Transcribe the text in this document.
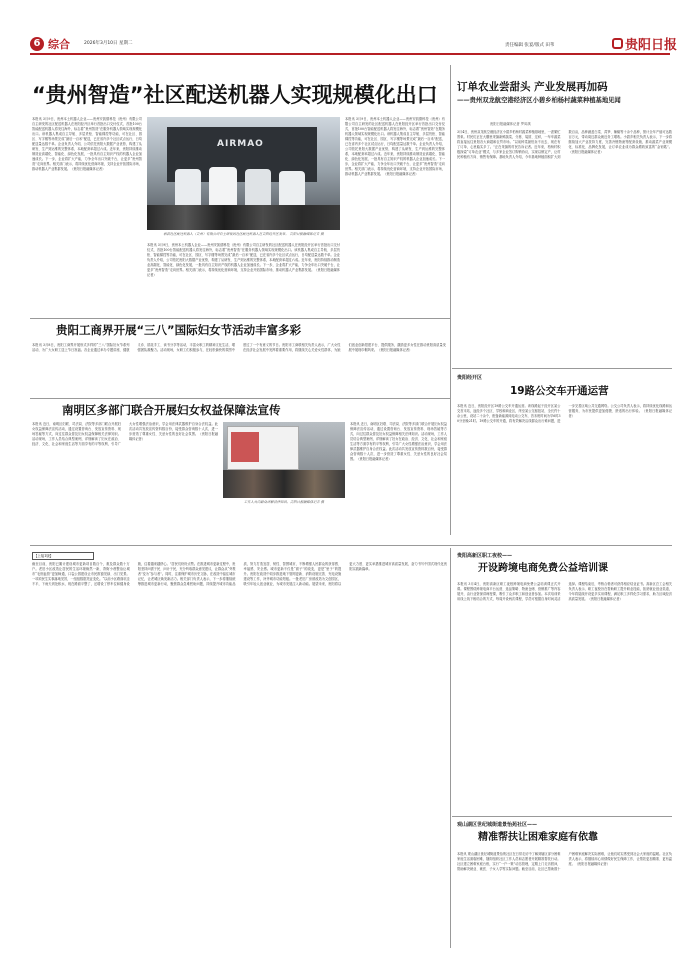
6 综合	2026年3月10日 星期二	责任编辑 张宴/版式 田苇	贵阳日报
“贵州智造”社区配送机器人实现规模化出口
本报讯 3月9日，贵州本土机器人企业——贵州安凯德科技（贵州）有限公司自主研发的社区配送机器人在贵阳经开区举行首批出口交付仪式，首批100台智能配送机器人将发往海外，标志着“贵州智造”在服务机器人领域实现规模化出口。该机器人集成自主导航、多层货柜、智能梯控等功能，可在社区、园区、写字楼等场景完成“最后一百米”配送，已在省内多个社区试点运行，日均配送量达数千单。企业负责人介绍，公司依托贵阳大数据产业优势，构建了从研发、生产到运维的完整体系，本地配套率超过六成。近年来，贵阳持续推动制造业高端化、智能化、绿色化发展，一批具有自主知识产权的机器人企业加速成长。下一步，企业将扩大产能，力争全年出口突破千台，让更多“贵州智造”走向世界。相关部门表示，将持续优化营商环境，支持企业开拓国际市场，推动机器人产业集群发展。（贵阳日报融媒体记者）
AIRMAO
新款社区配送机器人（贵州）有限公司自主研发的社区配送机器人在贵阳经开区发布。 贵阳日报融媒体记者 摄
本报讯 3月9日，贵州本土机器人企业——贵州安凯德科技（贵州）有限公司自主研发的社区配送机器人在贵阳经开区举行首批出口交付仪式，首批100台智能配送机器人将发往海外，标志着“贵州智造”在服务机器人领域实现规模化出口。该机器人集成自主导航、多层货柜、智能梯控等功能，可在社区、园区、写字楼等场景完成“最后一百米”配送，已在省内多个社区试点运行，日均配送量达数千单。企业负责人介绍，公司依托贵阳大数据产业优势，构建了从研发、生产到运维的完整体系，本地配套率超过六成。近年来，贵阳持续推动制造业高端化、智能化、绿色化发展，一批具有自主知识产权的机器人企业加速成长。下一步，企业将扩大产能，力争全年出口突破千台，让更多“贵州智造”走向世界。相关部门表示，将持续优化营商环境，支持企业开拓国际市场，推动机器人产业集群发展。（贵阳日报融媒体记者）
本报讯 3月9日，贵州本土机器人企业——贵州安凯德科技（贵州）有限公司自主研发的社区配送机器人在贵阳经开区举行首批出口交付仪式，首批100台智能配送机器人将发往海外，标志着“贵州智造”在服务机器人领域实现规模化出口。该机器人集成自主导航、多层货柜、智能梯控等功能，可在社区、园区、写字楼等场景完成“最后一百米”配送，已在省内多个社区试点运行，日均配送量达数千单。企业负责人介绍，公司依托贵阳大数据产业优势，构建了从研发、生产到运维的完整体系，本地配套率超过六成。近年来，贵阳持续推动制造业高端化、智能化、绿色化发展，一批具有自主知识产权的机器人企业加速成长。下一步，企业将扩大产能，力争全年出口突破千台，让更多“贵州智造”走向世界。相关部门表示，将持续优化营商环境，支持企业开拓国际市场，推动机器人产业集群发展。（贵阳日报融媒体记者）
订单农业尝甜头 产业发展再加码
——贵州双龙航空港经济区小碧乡柏杨村蔬菜种植基地见闻
贵阳日报融媒体记者 罗凤琪
3月4日，贵州双龙航空港经济区小碧乡柏杨村蔬菜种植基地里，一派繁忙景象。村民们正在大棚里采摘新鲜蔬菜，分拣、装筐、过秤，一车车蔬菜将直接运往贵阳各大商超和农贸市场。“以前种菜最怕卖不出去，现在有了订单，心里踏实多了。”正在采摘的村民告诉记者。近年来，柏杨村积极探索“订单农业”模式，与多家企业签订购销协议，实现以销定产，让村民种植有方向、销售有保障。基地负责人介绍，今年基地种植面积扩大到数百亩，品种涵盖白菜、莴笋、辣椒等十余个品种，预计全年产值可达数百万元，带动周边群众就近务工增收。小碧乡相关负责人表示，下一步将继续加大产业扶持力度，完善冷链物流等配套设施，推动蔬菜产业规模化、标准化、品牌化发展，让订单农业成为群众增收致富的“金钥匙”。（贵阳日报融媒体记者）
贵阳工商界开展“三八”国际妇女节活动丰富多彩
本报讯 3月8日，贵阳工商界开展形式多样的“三八”国际妇女节系列活动，为广大女职工送上节日祝福。各企业通过举办专题讲座、健康义诊、插花手工、读书分享等活动，丰富女职工的精神文化生活，增强团队凝聚力。活动现场，女职工们积极参与，在轻松愉快的氛围中度过了一个有意义的节日。贵阳市工商联相关负责人表示，广大女性在经济社会发展中发挥着重要作用，将继续关心关爱女性群体，为她们创业创新搭建平台、提供服务，激励更多女性在推动贵阳高质量发展中展现巾帼风采。（贵阳日报融媒体记者）
南明区多部门联合开展妇女权益保障法宣传
本报讯 近日，南明区妇联、司法局、法院等多部门联合开展妇女权益保障法宣传活动，通过设置咨询台、发放宣传资料、现场答疑等方式，向过往群众普及妇女权益保障相关法律知识。活动现场，工作人员结合典型案例，详细解读了妇女在政治、经济、文化、社会和家庭生活等方面享有的平等权利，引导广大女性增强法治意识，学会用法律武器维护自身合法权益。此次活动共发放宣传资料数百份，接受群众咨询数十人次，进一步营造了尊重女性、关爱女性的良好社会氛围。（贵阳日报融媒体记者）
工作人员向群众讲解法律知识。贵阳日报融媒体记者 摄
本报讯 近日，南明区妇联、司法局、法院等多部门联合开展妇女权益保障法宣传活动，通过设置咨询台、发放宣传资料、现场答疑等方式，向过往群众普及妇女权益保障相关法律知识。活动现场，工作人员结合典型案例，详细解读了妇女在政治、经济、文化、社会和家庭生活等方面享有的平等权利，引导广大女性增强法治意识，学会用法律武器维护自身合法权益。此次活动共发放宣传资料数百份，接受群众咨询数十人次，进一步营造了尊重女性、关爱女性的良好社会氛围。（贵阳日报融媒体记者）
贵阳经开区
19路公交车开通运营
本报讯 近日，贵阳经开区19路公交车开通运营。该线路起于经开区某公交首末站，途经多个社区、学校和商业区，终至某公交枢纽站，全长约十余公里，设站二十余个，配备新能源纯电动公交车，首末班时间为早6时30分至晚21时。19路公交车的开通，将有效解决沿线群众出行难问题，进一步完善区域公共交通网络。公交公司负责人表示，将持续优化线路和运营服务，为市民提供更加便捷、舒适的出行体验。（贵阳日报融媒体记者）
【上接1版】
截至目前，贵阳已累计建设城市更新项目数百个，惠及群众数十万户。老旧小区改造让居民的生活环境焕然一新，背街小巷整治让城市“毛细血管”更加畅通，口袋公园建设让市民推窗见绿、出门见景。一项项民生实事落地见效，一组组数据见证变化。“以前小区路面坑洼不平，下雨天到处积水，现在路面平整了，还增设了停车位和健身设施，住着越来越舒心。”居民们纷纷点赞。在推进城市更新过程中，贵阳坚持问需于民、问计于民，充分听取群众意见建议，让群众从“旁观者”变为“参与者”。同时，注重保护城市历史文脉，在改造中留住城市记忆，让老城区焕发新活力。相关部门负责人表示，下一步将继续统筹推进城市更新行动，聚焦群众急难愁盼问题，持续提升城市功能品质，努力打造宜居、韧性、智慧城市，不断增强人民群众的获得感、幸福感、安全感。城市更新不仅是“面子”的改变，更是“里子”的提升。贵阳在改造中同步推进地下管网更新、消防设施完善、充电设施建设等工作，补齐城市功能短板。一批老旧厂房被改造为文创园区，吸引年轻人创业就业，为城市发展注入新动能。展望未来，贵阳将以更大力度、更实举措推进城市高质量发展，奋力书写中国式现代化贵阳实践新篇章。
贵阳高新区职工夜校——
开设跨境电商免费公益培训课
本报讯 3月4日，贵阳高新区职工夜校跨境电商免费公益培训课正式开课。课程围绕跨境电商平台运营、选品策略、物流仓储、营销推广等内容展开，由行业资深讲师授课，吸引了众多职工和创业者参加。本次培训采用线上线下相结合的方式，每周开设两次课程，学员可根据自身时间灵活选择。课程结束后，考核合格者可获得相应结业证书。高新区总工会相关负责人表示，职工夜校旨在帮助职工提升职业技能，拓宽就业创业渠道，今年将陆续开设更多实用课程，满足职工多样化学习需求，助力区域经济高质量发展。（贵阳日报融媒体记者）
观山湖区世纪城街道景怡苑社区——
精准帮扶让困难家庭有依靠
本报讯 观山湖区世纪城街道景怡苑社区在日常走访中了解到辖区部分困难家庭生活面临困难，随即组织社区工作人员和志愿者开展精准帮扶行动。社区建立困难家庭台账，实行“一户一策”动态管理，定期上门走访慰问，帮助解决就业、就医、子女入学等实际问题。截至目前，社区已帮助数十户困难家庭解决实际困难，让他们切实感受到社会大家庭的温暖。社区负责人表示，将继续用心用情做好民生保障工作，让帮扶更加精准、更有温度。（贵阳日报融媒体记者）
